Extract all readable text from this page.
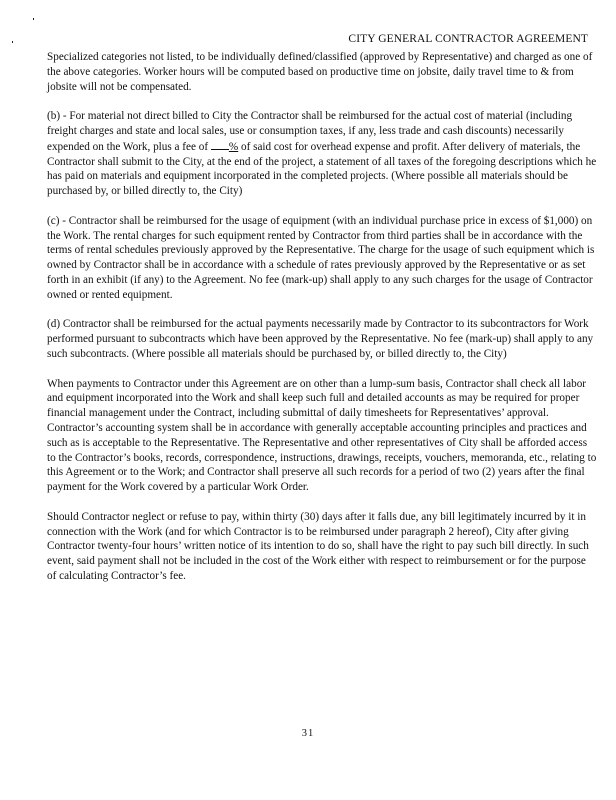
CITY GENERAL CONTRACTOR AGREEMENT

Specialized categories not listed, to be individually defined/classified (approved by Representative) and charged as one of the above categories. Worker hours will be computed based on productive time on jobsite, daily travel time to & from jobsite will not be compensated.

(b) - For material not direct billed to City the Contractor shall be reimbursed for the actual cost of material (including freight charges and state and local sales, use or consumption taxes, if any, less trade and cash discounts) necessarily expended on the Work, plus a fee of % of said cost for overhead expense and profit. After delivery of materials, the Contractor shall submit to the City, at the end of the project, a statement of all taxes of the foregoing descriptions which he has paid on materials and equipment incorporated in the completed projects. (Where possible all materials should be purchased by, or billed directly to, the City)

(c) - Contractor shall be reimbursed for the usage of equipment (with an individual purchase price in excess of $1,000) on the Work. The rental charges for such equipment rented by Contractor from third parties shall be in accordance with the terms of rental schedules previously approved by the Representative. The charge for the usage of such equipment which is owned by Contractor shall be in accordance with a schedule of rates previously approved by the Representative or as set forth in an exhibit (if any) to the Agreement. No fee (mark-up) shall apply to any such charges for the usage of Contractor owned or rented equipment.

(d) Contractor shall be reimbursed for the actual payments necessarily made by Contractor to its subcontractors for Work performed pursuant to subcontracts which have been approved by the Representative. No fee (mark-up) shall apply to any such subcontracts. (Where possible all materials should be purchased by, or billed directly to, the City)

When payments to Contractor under this Agreement are on other than a lump-sum basis, Contractor shall check all labor and equipment incorporated into the Work and shall keep such full and detailed accounts as may be required for proper financial management under the Contract, including submittal of daily timesheets for Representatives’ approval. Contractor’s accounting system shall be in accordance with generally acceptable accounting principles and practices and such as is acceptable to the Representative. The Representative and other representatives of City shall be afforded access to the Contractor’s books, records, correspondence, instructions, drawings, receipts, vouchers, memoranda, etc., relating to this Agreement or to the Work; and Contractor shall preserve all such records for a period of two (2) years after the final payment for the Work covered by a particular Work Order.

Should Contractor neglect or refuse to pay, within thirty (30) days after it falls due, any bill legitimately incurred by it in connection with the Work (and for which Contractor is to be reimbursed under paragraph 2 hereof), City after giving Contractor twenty-four hours’ written notice of its intention to do so, shall have the right to pay such bill directly. In such event, said payment shall not be included in the cost of the Work either with respect to reimbursement or for the purpose of calculating Contractor’s fee.

31
